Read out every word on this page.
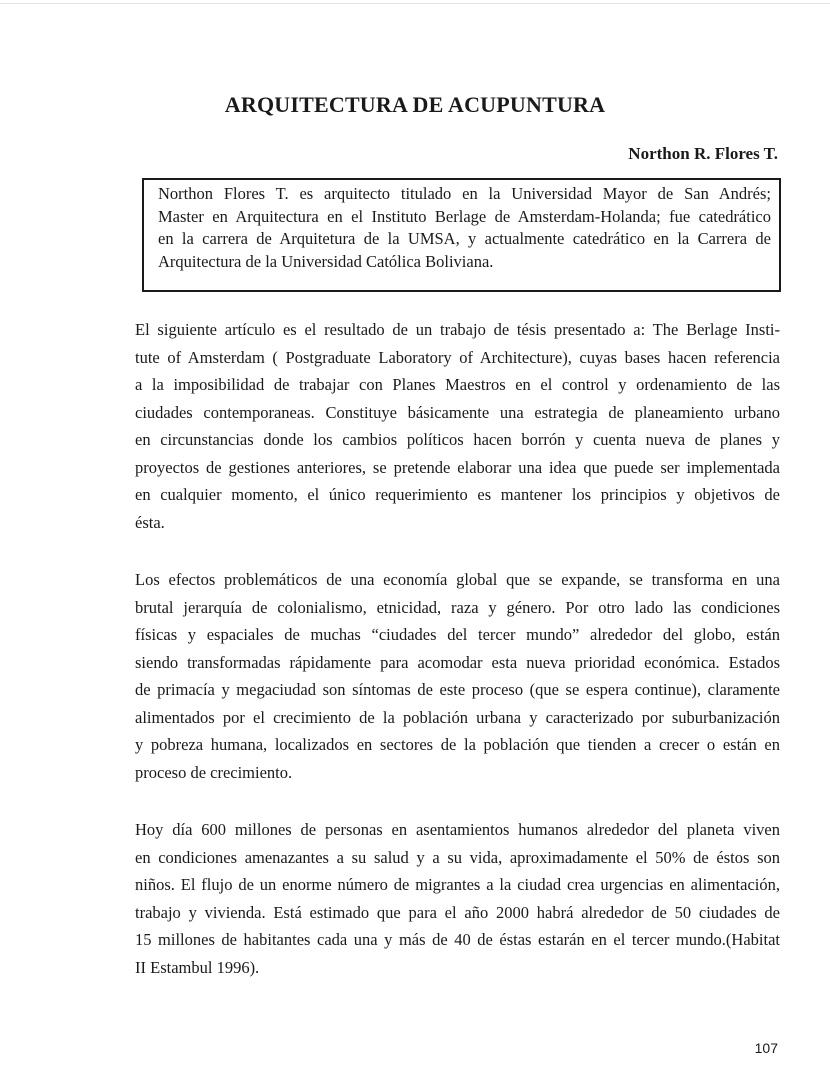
ARQUITECTURA DE ACUPUNTURA

Northon R. Flores T.

Northon Flores T. es arquitecto titulado en la Universidad Mayor de San Andrés;
Master en Arquitectura en el Instituto Berlage de Amsterdam-Holanda; fue catedrático
en la carrera de Arquitetura de la UMSA, y actualmente catedrático en la Carrera de
Arquitectura de la Universidad Católica Boliviana.
El siguiente artículo es el resultado de un trabajo de tésis presentado a: The Berlage Insti-
tute of Amsterdam ( Postgraduate Laboratory of Architecture), cuyas bases hacen referencia
a la imposibilidad de trabajar con Planes Maestros en el control y ordenamiento de las
ciudades contemporaneas. Constituye básicamente una estrategia de planeamiento urbano
en circunstancias donde los cambios políticos hacen borrón y cuenta nueva de planes y
proyectos de gestiones anteriores, se pretende elaborar una idea que puede ser implementada
en cualquier momento, el único requerimiento es mantener los principios y objetivos de
ésta.
Los efectos problemáticos de una economía global que se expande, se transforma en una
brutal jerarquía de colonialismo, etnicidad, raza y género. Por otro lado las condiciones
físicas y espaciales de muchas “ciudades del tercer mundo” alrededor del globo, están
siendo transformadas rápidamente para acomodar esta nueva prioridad económica. Estados
de primacía y megaciudad son síntomas de este proceso (que se espera continue), claramente
alimentados por el crecimiento de la población urbana y caracterizado por suburbanización
y pobreza humana, localizados en sectores de la población que tienden a crecer o están en
proceso de crecimiento.
Hoy día 600 millones de personas en asentamientos humanos alrededor del planeta viven
en condiciones amenazantes a su salud y a su vida, aproximadamente el 50% de éstos son
niños. El flujo de un enorme número de migrantes a la ciudad crea urgencias en alimentación,
trabajo y vivienda. Está estimado que para el año 2000 habrá alrededor de 50 ciudades de
15 millones de habitantes cada una y más de 40 de éstas estarán en el tercer mundo.(Habitat
II Estambul 1996).

107
